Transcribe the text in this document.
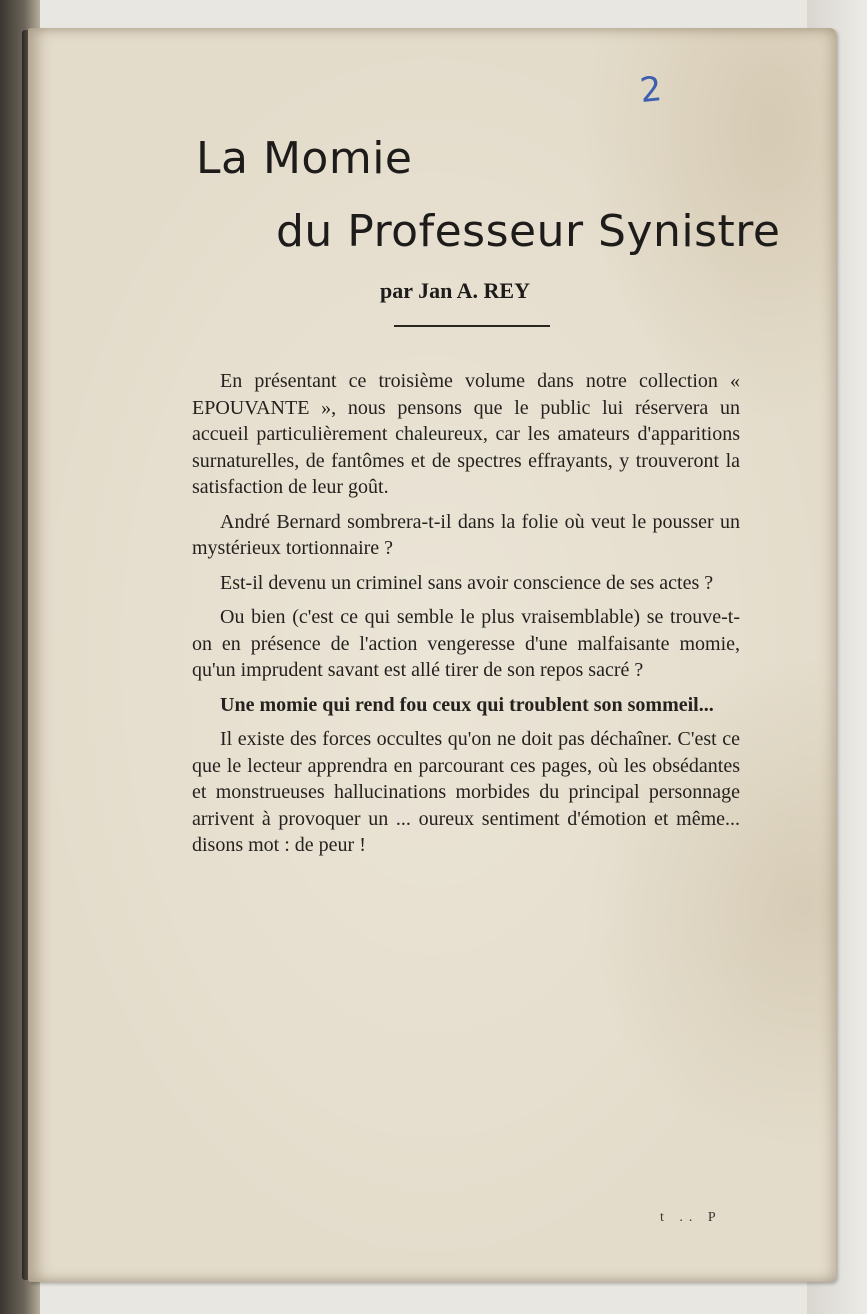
2
La Momie
du Professeur Synistre
par Jan A. REY

En présentant ce troisième volume dans notre collection « EPOUVANTE », nous pensons que le public lui réservera un accueil particulièrement chaleureux, car les amateurs d'apparitions surnaturelles, de fantômes et de spectres effrayants, y trouveront la satisfaction de leur goût.

André Bernard sombrera-t-il dans la folie où veut le pousser un mystérieux tortionnaire ?

Est-il devenu un criminel sans avoir conscience de ses actes ?

Ou bien (c'est ce qui semble le plus vraisemblable) se trouve-t-on en présence de l'action vengeresse d'une malfaisante momie, qu'un imprudent savant est allé tirer de son repos sacré ?

Une momie qui rend fou ceux qui troublent son sommeil...

Il existe des forces occultes qu'on ne doit pas déchaîner. C'est ce que le lecteur apprendra en parcourant ces pages, où les obsédantes et monstrueuses hallucinations morbides du principal personnage arrivent à provoquer un ... oureux sentiment d'émotion et même... disons mot : de peur !

t .. P
